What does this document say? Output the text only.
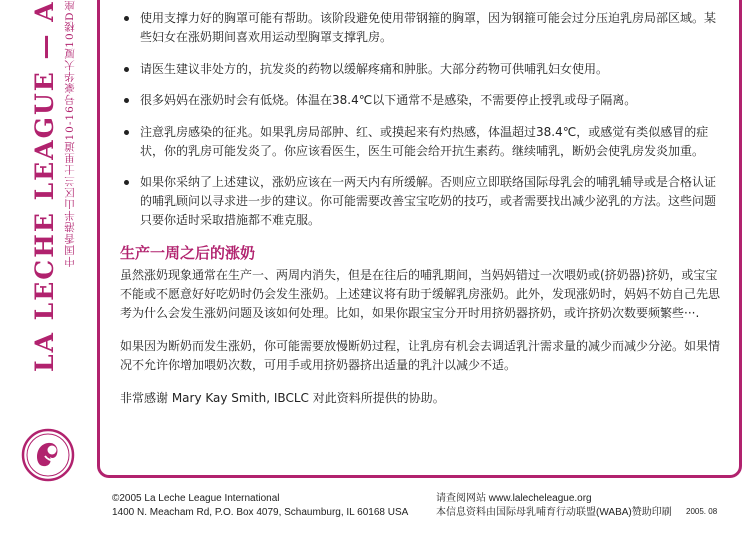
LA LECHE LEAGUE — A 中国香港半山区兰士里道10-16号豪华大厦10楼D座	使用支撑力好的胸罩可能有帮助。该阶段避免使用带钢箍的胸罩，因为钢箍可能会过分压迫乳房局部区域。某些妇女在涨奶期间喜欢用运动型胸罩支撑乳房。
请医生建议非处方的，抗发炎的药物以缓解疼痛和肿胀。大部分药物可供哺乳妇女使用。
很多妈妈在涨奶时会有低烧。体温在38.4℃以下通常不是感染，不需要停止授乳或母子隔离。
注意乳房感染的征兆。如果乳房局部肿、红、或摸起来有灼热感，体温超过38.4℃，或感觉有类似感冒的症状，你的乳房可能发炎了。你应该看医生，医生可能会给开抗生素药。继续哺乳，断奶会使乳房发炎加重。
如果你采纳了上述建议，涨奶应该在一两天内有所缓解。否则应立即联络国际母乳会的哺乳辅导或是合格认证的哺乳顾问以寻求进一步的建议。你可能需要改善宝宝吃奶的技巧，或者需要找出减少泌乳的方法。这些问题只要你适时采取措施都不难克服。
生产一周之后的涨奶

虽然涨奶现象通常在生产一、两周内消失，但是在往后的哺乳期间，当妈妈错过一次喂奶或(挤奶器)挤奶，或宝宝不能或不愿意好好吃奶时仍会发生涨奶。上述建议将有助于缓解乳房涨奶。此外，发现涨奶时，妈妈不妨自己先思考为什么会发生涨奶问题及该如何处理。比如，如果你跟宝宝分开时用挤奶器挤奶，或许挤奶次数要频繁些···.

如果因为断奶而发生涨奶，你可能需要放慢断奶过程，让乳房有机会去调适乳汁需求量的减少而减少分泌。如果情况不允许你增加喂奶次数，可用手或用挤奶器挤出适量的乳汁以减少不适。

非常感谢 Mary Kay Smith, IBCLC 对此资料所提供的协助。

©2005 La Leche League International
1400 N. Meacham Rd, P.O. Box 4079, Schaumburg, IL 60168 USA
请查阅网站 www.lalecheleague.org
本信息资料由国际母乳哺育行动联盟(WABA)赞助印刷 2005. 08
